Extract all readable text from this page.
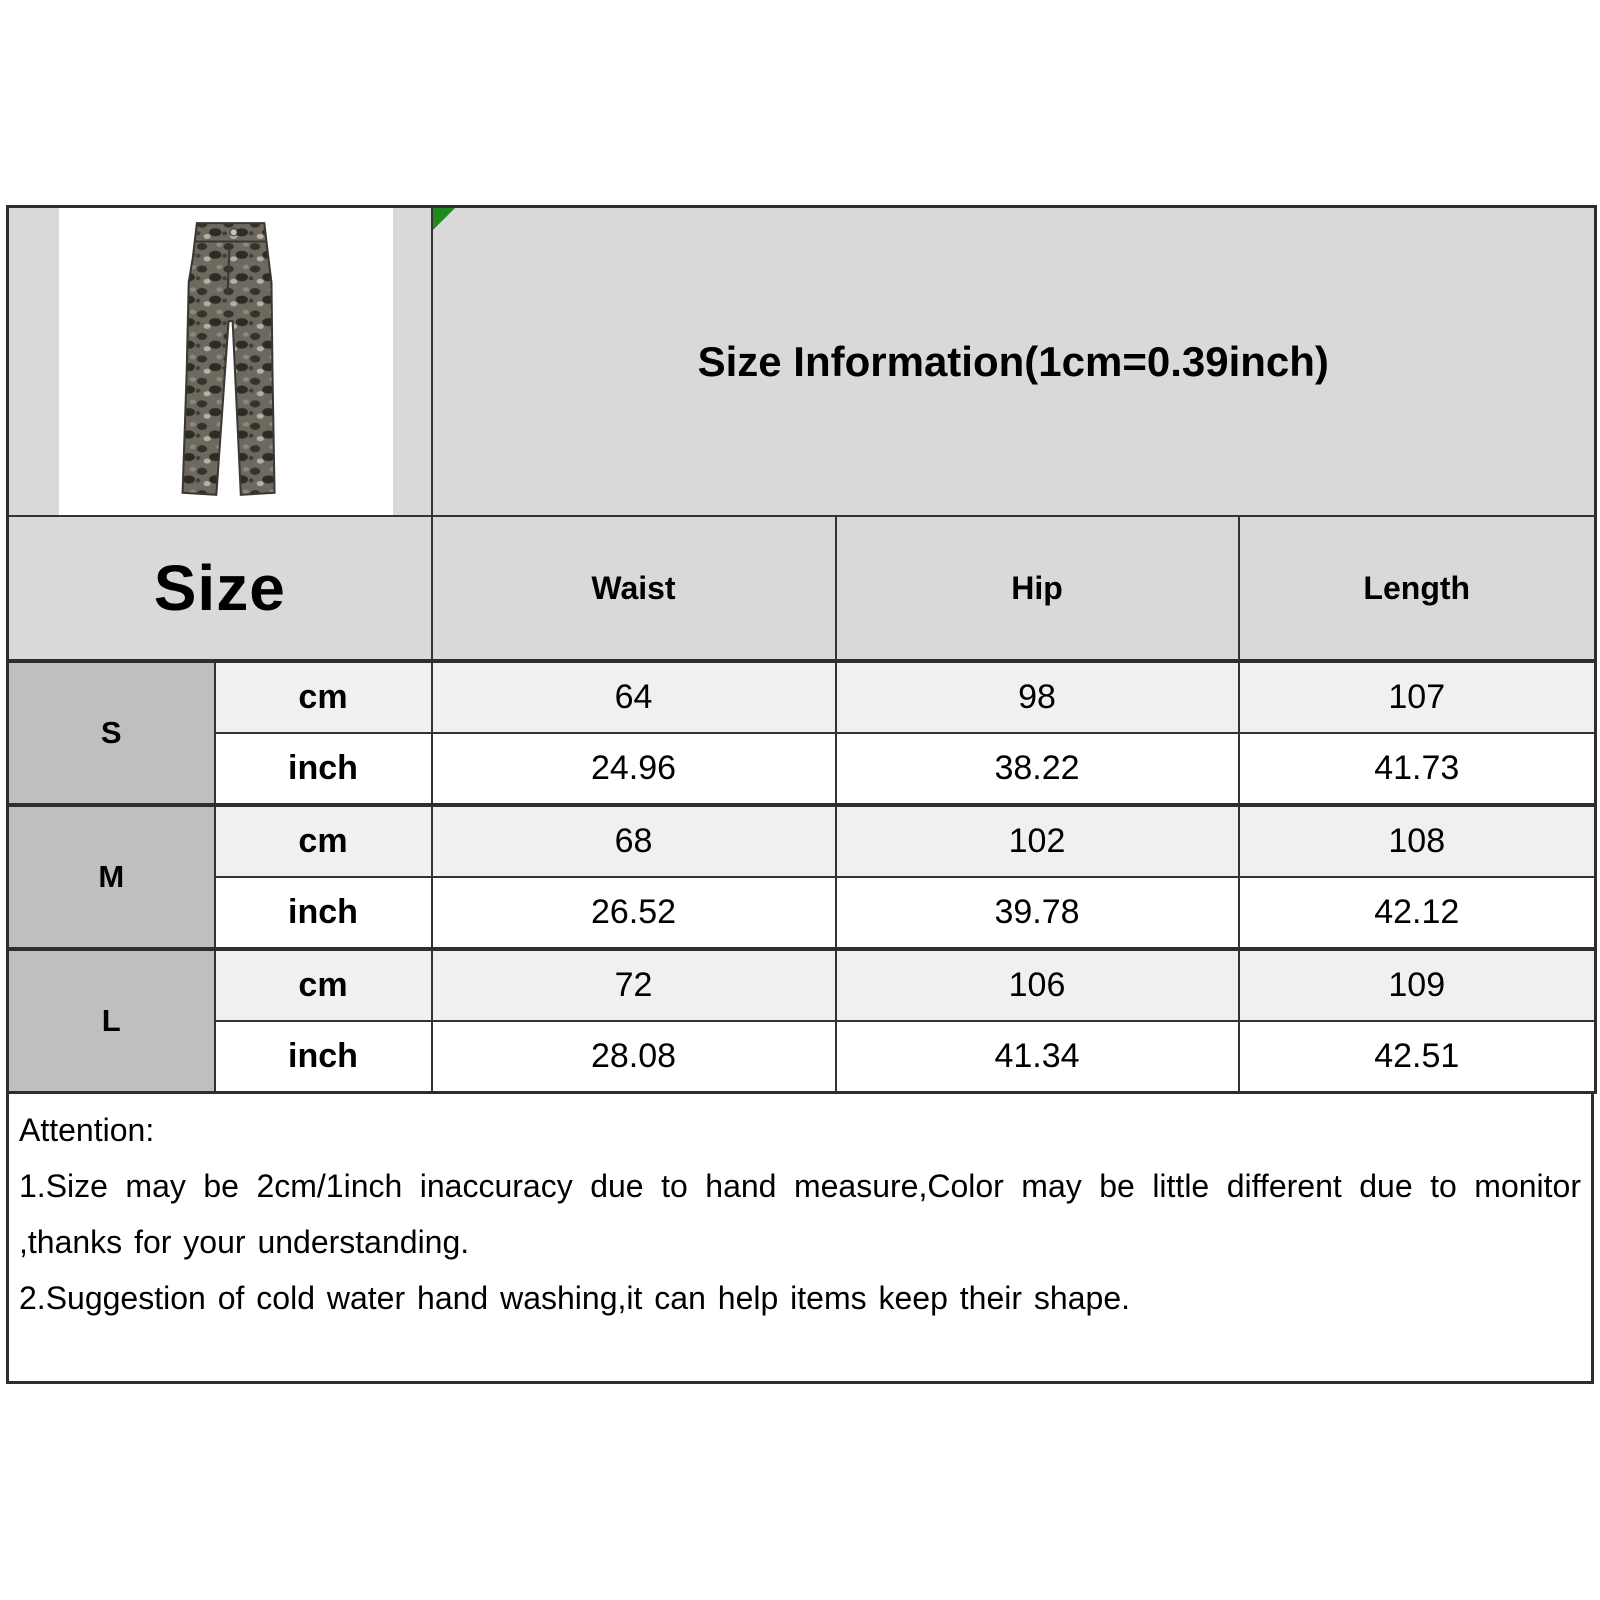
Size Information(1cm=0.39inch)		

Size		Waist	Hip	Length
S	cm	64	98	107
	inch	24.96	38.22	41.73
M	cm	68	102	108
	inch	26.52	39.78	42.12
L	cm	72	106	109
	inch	28.08	41.34	42.51
Attention:
1.Size may be 2cm/1inch inaccuracy due to hand measure,Color may be little different due to monitor
,thanks for your understanding.
2.Suggestion of cold water hand washing,it can help items keep their shape.
